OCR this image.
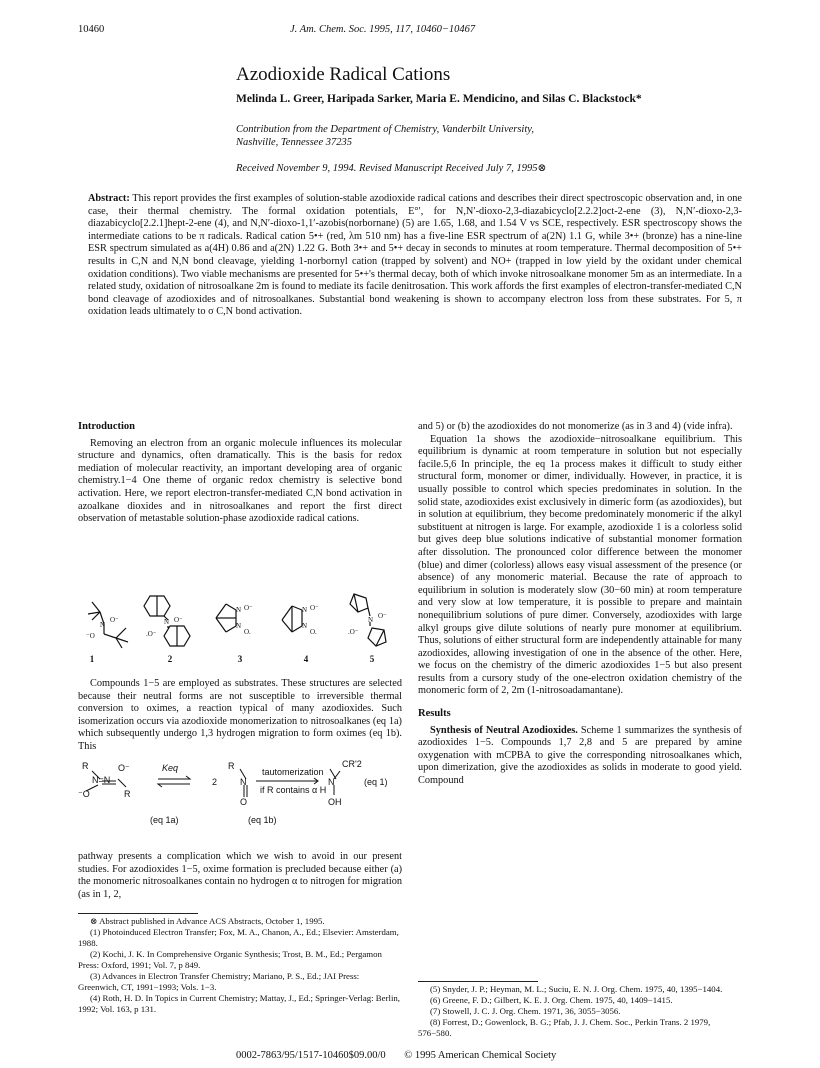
10460	J. Am. Chem. Soc. 1995, 117, 10460−10467
Azodioxide Radical Cations
Melinda L. Greer, Haripada Sarker, Maria E. Mendicino, and Silas C. Blackstock*
Contribution from the Department of Chemistry, Vanderbilt University,
Nashville, Tennessee 37235
Received November 9, 1994. Revised Manuscript Received July 7, 1995⊗

Abstract: This report provides the first examples of solution-stable azodioxide radical cations and describes their direct spectroscopic observation and, in one case, their thermal chemistry. The formal oxidation potentials, E°′, for N,N′-dioxo-2,3-diazabicyclo[2.2.2]oct-2-ene (3), N,N′-dioxo-2,3-diazabicyclo[2.2.1]hept-2-ene (4), and N,N′-dioxo-1,1′-azobis(norbornane) (5) are 1.65, 1.68, and 1.54 V vs SCE, respectively. ESR spectroscopy shows the intermediate cations to be π radicals. Radical cation 5•+ (red, λm 510 nm) has a five-line ESR spectrum of a(2N) 1.1 G, while 3•+ (bronze) has a nine-line ESR spectrum simulated as a(4H) 0.86 and a(2N) 1.22 G. Both 3•+ and 5•+ decay in seconds to minutes at room temperature. Thermal decomposition of 5•+ results in C,N and N,N bond cleavage, yielding 1-norbornyl cation (trapped by solvent) and NO+ (trapped in low yield by the oxidant under chemical oxidation conditions). Two viable mechanisms are presented for 5•+'s thermal decay, both of which invoke nitrosoalkane monomer 5m as an intermediate. In a related study, oxidation of nitrosoalkane 2m is found to mediate its facile denitrosation. This work affords the first examples of electron-transfer-mediated C,N bond cleavage of azodioxides and of nitrosoalkanes. Substantial bond weakening is shown to accompany electron loss from these substrates. For 5, π oxidation leads ultimately to σ C,N bond activation.

Introduction

Removing an electron from an organic molecule influences its molecular structure and dynamics, often dramatically. This is the basis for redox mediation of molecular reactivity, an important developing area of organic chemistry.1−4 One theme of organic redox chemistry is selective bond activation. Here, we report electron-transfer-mediated C,N bond activation in azoalkane dioxides and in nitrosoalkanes and report the first direct observation of metastable solution-phase azodioxide radical cations.

N
O⁻
⁻O
N O⁻
.O⁻
N O⁻
N
O.
N O⁻
N
O.
N O⁻
.O⁻
1	2	3	4	5

Compounds 1−5 are employed as substrates. These structures are selected because their neutral forms are not susceptible to irreversible thermal conversion to oximes, a reaction typical of many azodioxides. Such isomerization occurs via azodioxide monomerization to nitrosoalkanes (eq 1a) which subsequently undergo 1,3 hydrogen migration to form oximes (eq 1b). This

R
N=N
O⁻
⁻O	R
Keq
2
R
N
O
tautomerization
if R contains α H
CR'2
N
OH
(eq 1)
(eq 1a)	(eq 1b)

pathway presents a complication which we wish to avoid in our present studies. For azodioxides 1−5, oxime formation is precluded because either (a) the monomeric nitrosoalkanes contain no hydrogen α to nitrogen for migration (as in 1, 2,

⊗ Abstract published in Advance ACS Abstracts, October 1, 1995.
(1) Photoinduced Electron Transfer; Fox, M. A., Chanon, A., Ed.; Elsevier: Amsterdam, 1988.
(2) Kochi, J. K. In Comprehensive Organic Synthesis; Trost, B. M., Ed.; Pergamon Press: Oxford, 1991; Vol. 7, p 849.
(3) Advances in Electron Transfer Chemistry; Mariano, P. S., Ed.; JAI Press: Greenwich, CT, 1991−1993; Vols. 1−3.
(4) Roth, H. D. In Topics in Current Chemistry; Mattay, J., Ed.; Springer-Verlag: Berlin, 1992; Vol. 163, p 131.

and 5) or (b) the azodioxides do not monomerize (as in 3 and 4) (vide infra).

Equation 1a shows the azodioxide−nitrosoalkane equilibrium. This equilibrium is dynamic at room temperature in solution but not especially facile.5,6 In principle, the eq 1a process makes it difficult to study either structural form, monomer or dimer, individually. However, in practice, it is usually possible to control which species predominates in solution. In the solid state, azodioxides exist exclusively in dimeric form (as azodioxides), but in solution at equilibrium, they become predominately monomeric if the alkyl substituent at nitrogen is large. For example, azodioxide 1 is a colorless solid but gives deep blue solutions indicative of substantial monomer formation after dissolution. The pronounced color difference between the monomer (blue) and dimer (colorless) allows easy visual assessment of the presence (or absence) of any monomeric material. Because the rate of approach to equilibrium in solution is moderately slow (30−60 min) at room temperature and very slow at low temperature, it is possible to prepare and maintain nonequilibrium solutions of pure dimer. Conversely, azodioxides with large alkyl groups give dilute solutions of nearly pure monomer at equilibrium. Thus, solutions of either structural form are independently attainable for many azodioxides, allowing investigation of one in the absence of the other. Here, we focus on the chemistry of the dimeric azodioxides 1−5 but also present results from a cursory study of the one-electron oxidation chemistry of the monomeric form of 2, 2m (1-nitrosoadamantane).

Results

Synthesis of Neutral Azodioxides. Scheme 1 summarizes the synthesis of azodioxides 1−5. Compounds 1,7 2,8 and 5 are prepared by amine oxygenation with mCPBA to give the corresponding nitrosoalkanes which, upon dimerization, give the azodioxides as solids in moderate to good yield. Compound

(5) Snyder, J. P.; Heyman, M. L.; Suciu, E. N. J. Org. Chem. 1975, 40, 1395−1404.
(6) Greene, F. D.; Gilbert, K. E. J. Org. Chem. 1975, 40, 1409−1415.
(7) Stowell, J. C. J. Org. Chem. 1971, 36, 3055−3056.
(8) Forrest, D.; Gowenlock, B. G.; Pfab, J. J. Chem. Soc., Perkin Trans. 2 1979, 576−580.
0002-7863/95/1517-10460$09.00/0 © 1995 American Chemical Society
